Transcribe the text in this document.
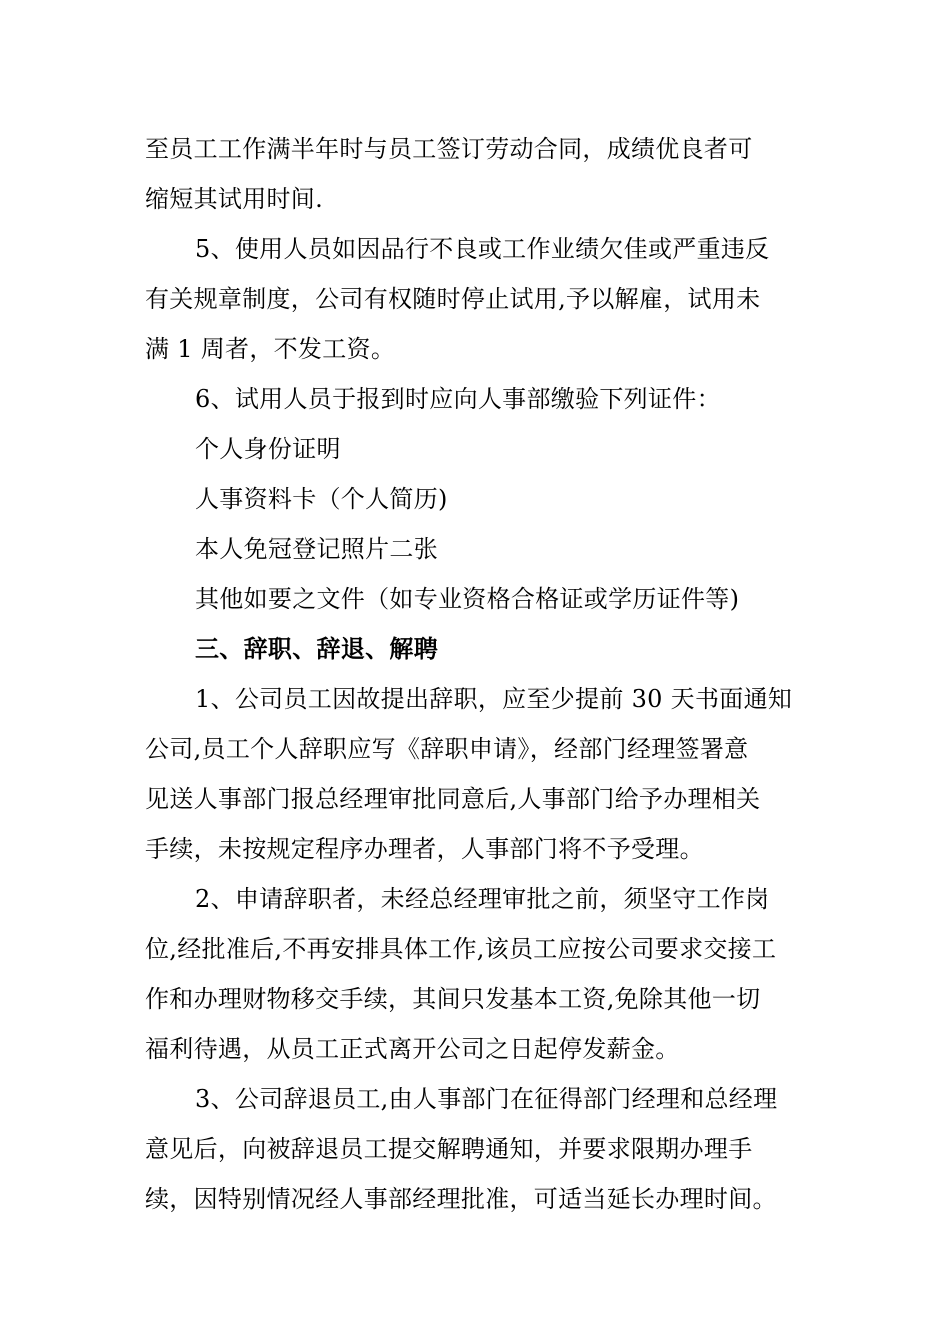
至员工工作满半年时与员工签订劳动合同，成绩优良者可
缩短其试用时间.
5、使用人员如因品行不良或工作业绩欠佳或严重违反
有关规章制度，公司有权随时停止试用,予以解雇，试用未
满 1 周者，不发工资。
6、试用人员于报到时应向人事部缴验下列证件：
个人身份证明
人事资料卡（个人简历)
本人免冠登记照片二张
其他如要之文件（如专业资格合格证或学历证件等)
三、辞职、辞退、解聘
1、公司员工因故提出辞职，应至少提前 30 天书面通知
公司,员工个人辞职应写《辞职申请》，经部门经理签署意
见送人事部门报总经理审批同意后,人事部门给予办理相关
手续，未按规定程序办理者，人事部门将不予受理。
2、申请辞职者，未经总经理审批之前，须坚守工作岗
位,经批准后,不再安排具体工作,该员工应按公司要求交接工
作和办理财物移交手续，其间只发基本工资,免除其他一切
福利待遇，从员工正式离开公司之日起停发薪金。
3、公司辞退员工,由人事部门在征得部门经理和总经理
意见后，向被辞退员工提交解聘通知，并要求限期办理手
续，因特别情况经人事部经理批准，可适当延长办理时间。
